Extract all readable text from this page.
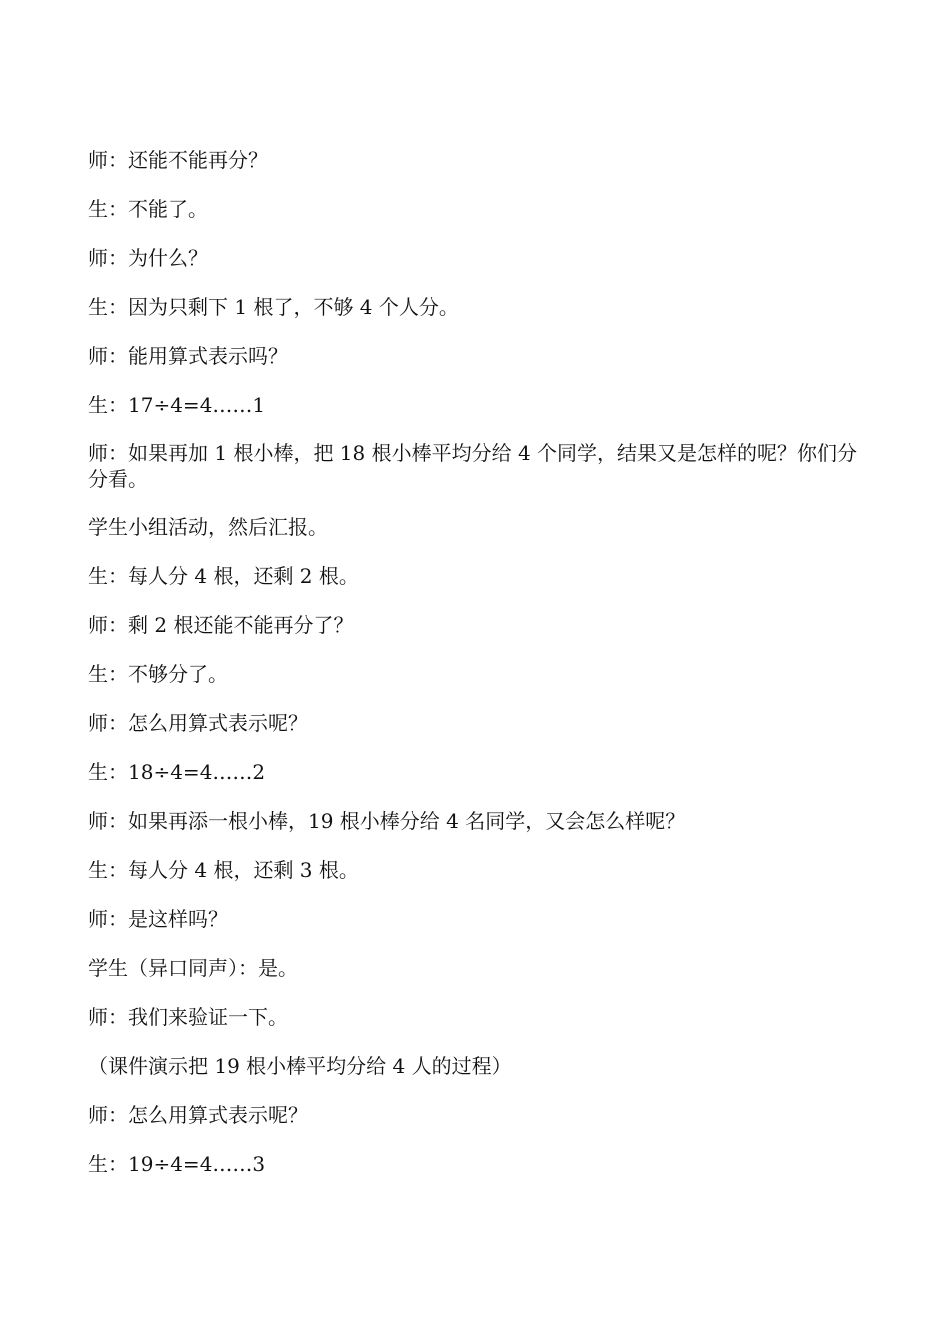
师：还能不能再分？

生：不能了。

师：为什么？

生：因为只剩下 1 根了，不够 4 个人分。

师：能用算式表示吗？

生：17÷4=4……1

师：如果再加 1 根小棒，把 18 根小棒平均分给 4 个同学，结果又是怎样的呢？你们分分看。

学生小组活动，然后汇报。

生：每人分 4 根，还剩 2 根。

师：剩 2 根还能不能再分了？

生：不够分了。

师：怎么用算式表示呢？

生：18÷4=4……2

师：如果再添一根小棒，19 根小棒分给 4 名同学，又会怎么样呢？

生：每人分 4 根，还剩 3 根。

师：是这样吗？

学生（异口同声）：是。

师：我们来验证一下。

（课件演示把 19 根小棒平均分给 4 人的过程）

师：怎么用算式表示呢？

生：19÷4=4……3
